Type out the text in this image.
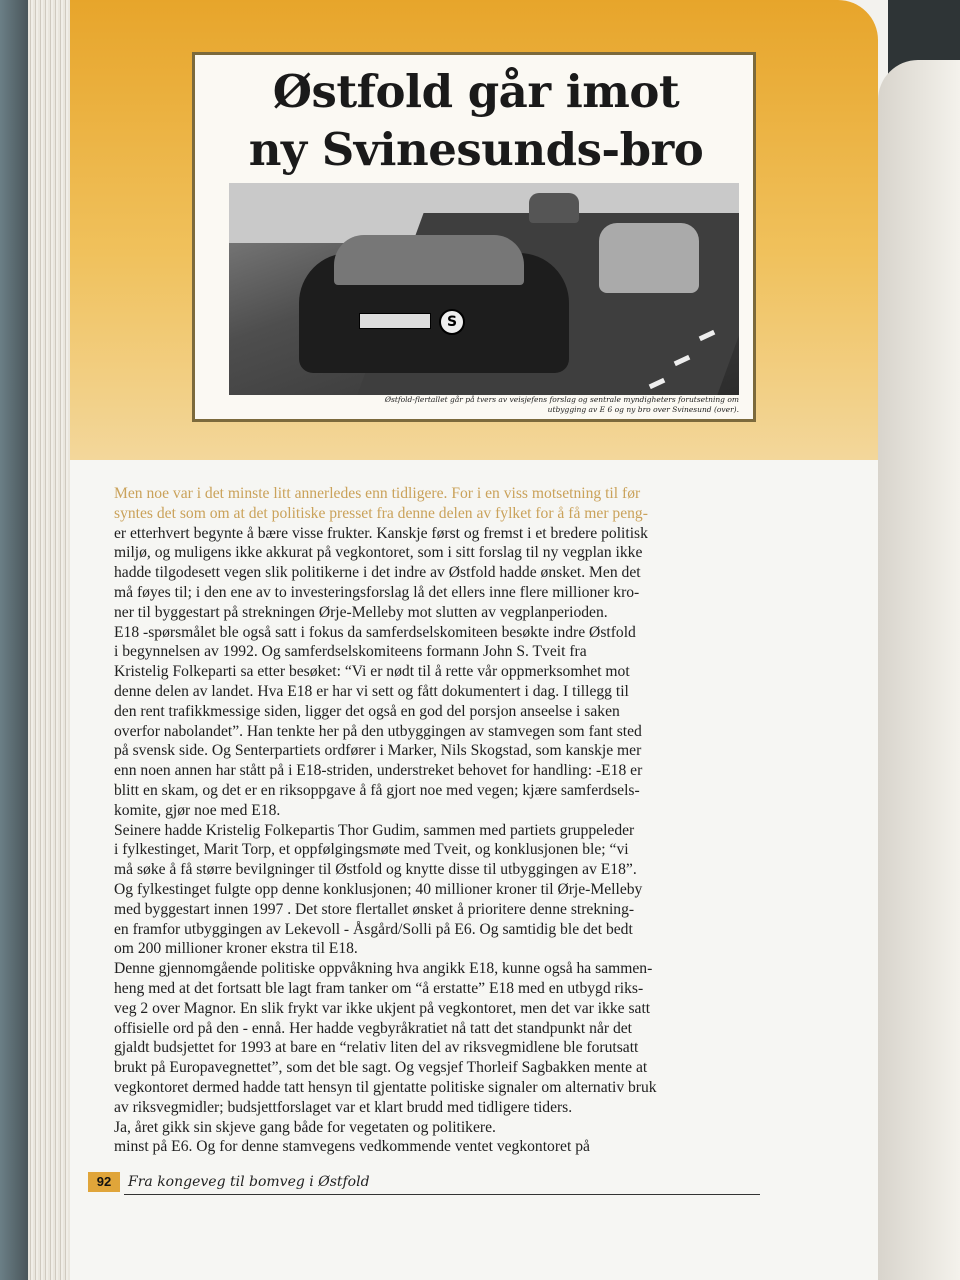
Østfold går imot
ny Svinesunds-bro
S
Østfold-flertallet går på tvers av veisjefens forslag og sentrale myndigheters forutsetning om
utbygging av E 6 og ny bro over Svinesund (over).

Men noe var i det minste litt annerledes enn tidligere. For i en viss motsetning til før

syntes det som om at det politiske presset fra denne delen av fylket for å få mer peng-

er etterhvert begynte å bære visse frukter. Kanskje først og fremst i et bredere politisk

miljø, og muligens ikke akkurat på vegkontoret, som i sitt forslag til ny vegplan ikke

hadde tilgodesett vegen slik politikerne i det indre av Østfold hadde ønsket. Men det

må føyes til; i den ene av to investeringsforslag lå det ellers inne flere millioner kro-

ner til byggestart på strekningen Ørje-Melleby mot slutten av vegplanperioden.

E18 -spørsmålet ble også satt i fokus da samferdselskomiteen besøkte indre Østfold

i begynnelsen av 1992. Og samferdselskomiteens formann John S. Tveit fra

Kristelig Folkeparti sa etter besøket: “Vi er nødt til å rette vår oppmerksomhet mot

denne delen av landet. Hva E18 er har vi sett og fått dokumentert i dag. I tillegg til

den rent trafikkmessige siden, ligger det også en god del porsjon anseelse i saken

overfor nabolandet”. Han tenkte her på den utbyggingen av stamvegen som fant sted

på svensk side. Og Senterpartiets ordfører i Marker, Nils Skogstad, som kanskje mer

enn noen annen har stått på i E18-striden, understreket behovet for handling: -E18 er

blitt en skam, og det er en riksoppgave å få gjort noe med vegen; kjære samferdsels-

komite, gjør noe med E18.

Seinere hadde Kristelig Folkepartis Thor Gudim, sammen med partiets gruppeleder

i fylkestinget, Marit Torp, et oppfølgingsmøte med Tveit, og konklusjonen ble; “vi

må søke å få større bevilgninger til Østfold og knytte disse til utbyggingen av E18”.

Og fylkestinget fulgte opp denne konklusjonen; 40 millioner kroner til Ørje-Melleby

med byggestart innen 1997 . Det store flertallet ønsket å prioritere denne strekning-

en framfor utbyggingen av Lekevoll - Åsgård/Solli på E6. Og samtidig ble det bedt

om 200 millioner kroner ekstra til E18.

Denne gjennomgående politiske oppvåkning hva angikk E18, kunne også ha sammen-

heng med at det fortsatt ble lagt fram tanker om “å erstatte” E18 med en utbygd riks-

veg 2 over Magnor. En slik frykt var ikke ukjent på vegkontoret, men det var ikke satt

offisielle ord på den - ennå. Her hadde vegbyråkratiet nå tatt det standpunkt når det

gjaldt budsjettet for 1993 at bare en “relativ liten del av riksvegmidlene ble forutsatt

brukt på Europavegnettet”, som det ble sagt. Og vegsjef Thorleif Sagbakken mente at

vegkontoret dermed hadde tatt hensyn til gjentatte politiske signaler om alternativ bruk

av riksvegmidler; budsjettforslaget var et klart brudd med tidligere tiders.

Ja, året gikk sin skjeve gang både for vegetaten og politikere.

minst på E6. Og for denne stamvegens vedkommende ventet vegkontoret på

92	Fra kongeveg til bomveg i Østfold
